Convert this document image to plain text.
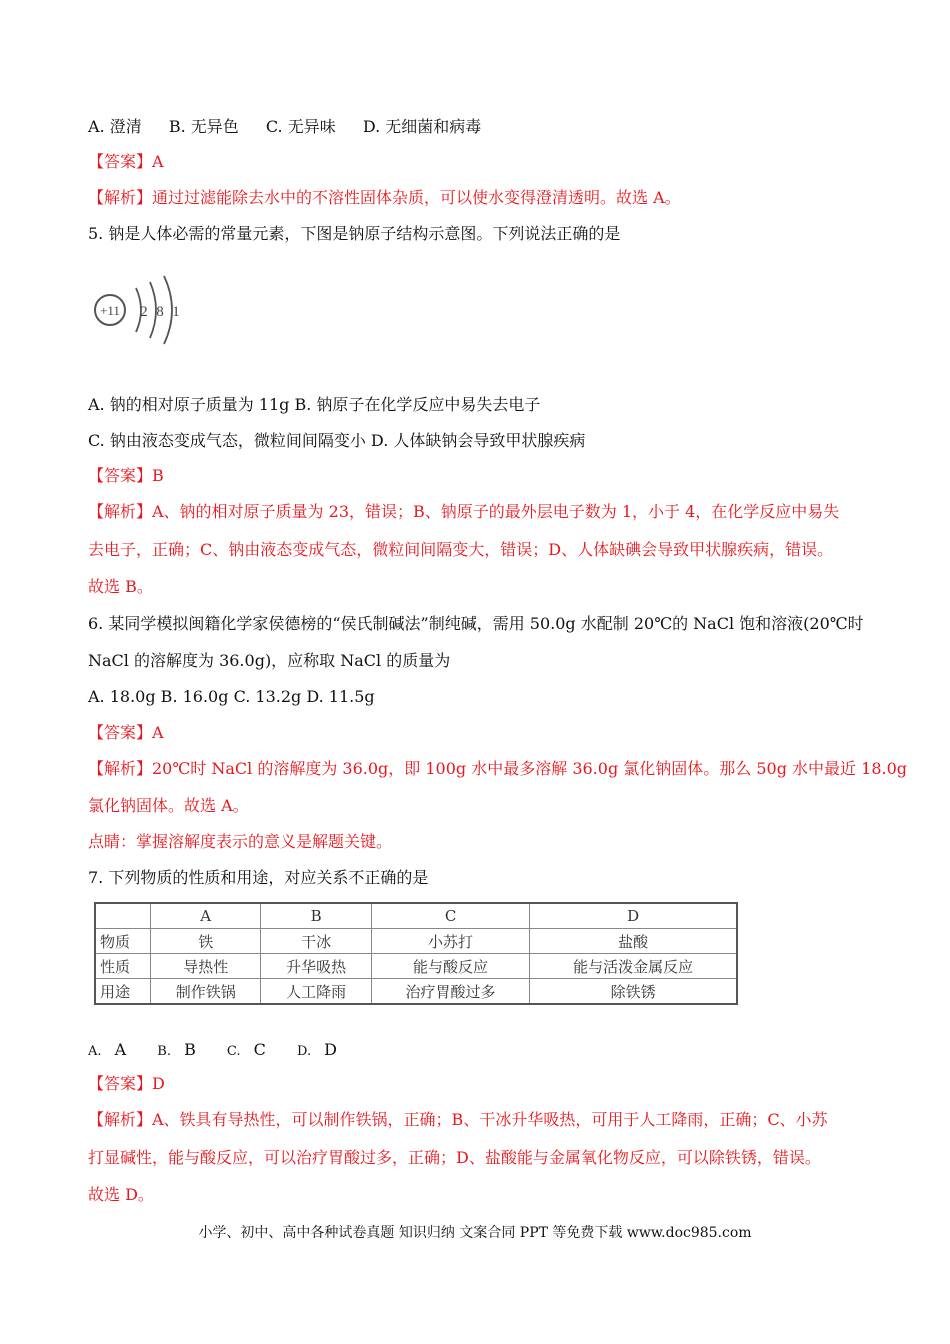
A. 澄清 B. 无异色 C. 无异味 D. 无细菌和病毒
【答案】A
【解析】通过过滤能除去水中的不溶性固体杂质，可以使水变得澄清透明。故选 A。
5. 钠是人体必需的常量元素，下图是钠原子结构示意图。下列说法正确的是
+11 2 8 1
A. 钠的相对原子质量为 11g B. 钠原子在化学反应中易失去电子
C. 钠由液态变成气态，微粒间间隔变小 D. 人体缺钠会导致甲状腺疾病
【答案】B
【解析】A、钠的相对原子质量为 23，错误；B、钠原子的最外层电子数为 1，小于 4，在化学反应中易失
去电子，正确；C、钠由液态变成气态，微粒间间隔变大，错误；D、人体缺碘会导致甲状腺疾病，错误。
故选 B。
6. 某同学模拟闽籍化学家侯德榜的“侯氏制碱法”制纯碱，需用 50.0g 水配制 20℃的 NaCl 饱和溶液(20℃时
NaCl 的溶解度为 36.0g)，应称取 NaCl 的质量为
A. 18.0g B. 16.0g C. 13.2g D. 11.5g
【答案】A
【解析】20℃时 NaCl 的溶解度为 36.0g，即 100g 水中最多溶解 36.0g 氯化钠固体。那么 50g 水中最近 18.0g
氯化钠固体。故选 A。
点睛：掌握溶解度表示的意义是解题关键。
7. 下列物质的性质和用途，对应关系不正确的是
	A	B	C	D
物质	铁	干冰	小苏打	盐酸
性质	导热性	升华吸热	能与酸反应	能与活泼金属反应
用途	制作铁锅	人工降雨	治疗胃酸过多	除铁锈
A. A B. B C. C D. D
【答案】D
【解析】A、铁具有导热性，可以制作铁锅，正确；B、干冰升华吸热，可用于人工降雨，正确；C、小苏
打显碱性，能与酸反应，可以治疗胃酸过多，正确；D、盐酸能与金属氧化物反应，可以除铁锈，错误。
故选 D。
小学、初中、高中各种试卷真题 知识归纳 文案合同 PPT 等免费下载 www.doc985.com
